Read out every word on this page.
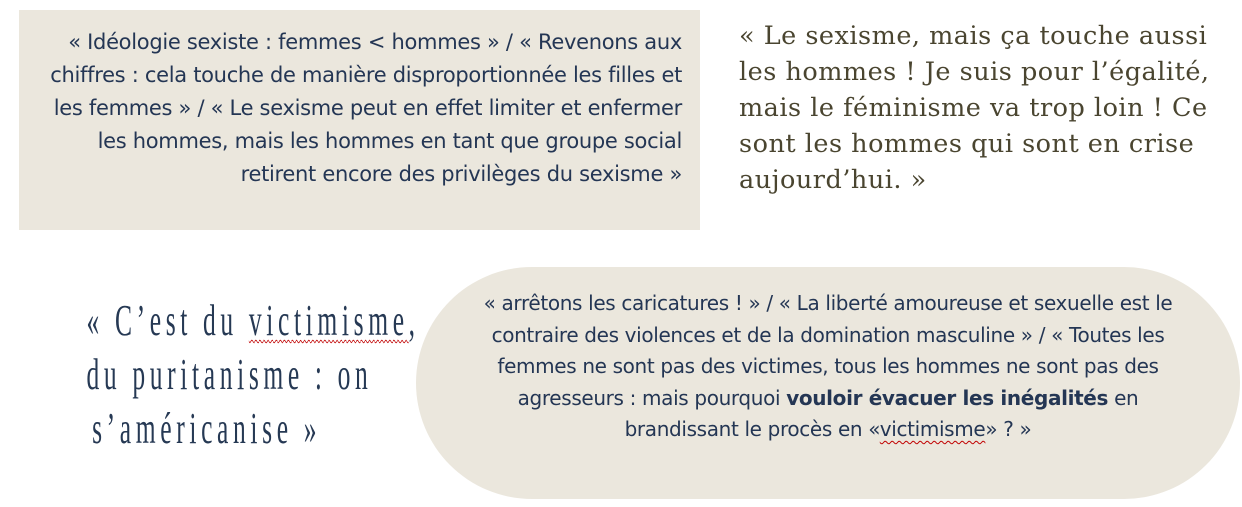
« Idéologie sexiste : femmes < hommes » / « Revenons aux chiffres : cela touche de manière disproportionnée les filles et les femmes » / « Le sexisme peut en effet limiter et enfermer les hommes, mais les hommes en tant que groupe social retirent encore des privilèges du sexisme »
« Le sexisme, mais ça touche aussi les hommes ! Je suis pour l’égalité, mais le féminisme va trop loin ! Ce sont les hommes qui sont en crise aujourd’hui. »
« C’est du victimisme,
du puritanisme : on
s’américanise »
« arrêtons les caricatures ! » / « La liberté amoureuse et sexuelle est le contraire des violences et de la domination masculine » / « Toutes les femmes ne sont pas des victimes, tous les hommes ne sont pas des agresseurs : mais pourquoi vouloir évacuer les inégalités en brandissant le procès en «victimisme» ? »
